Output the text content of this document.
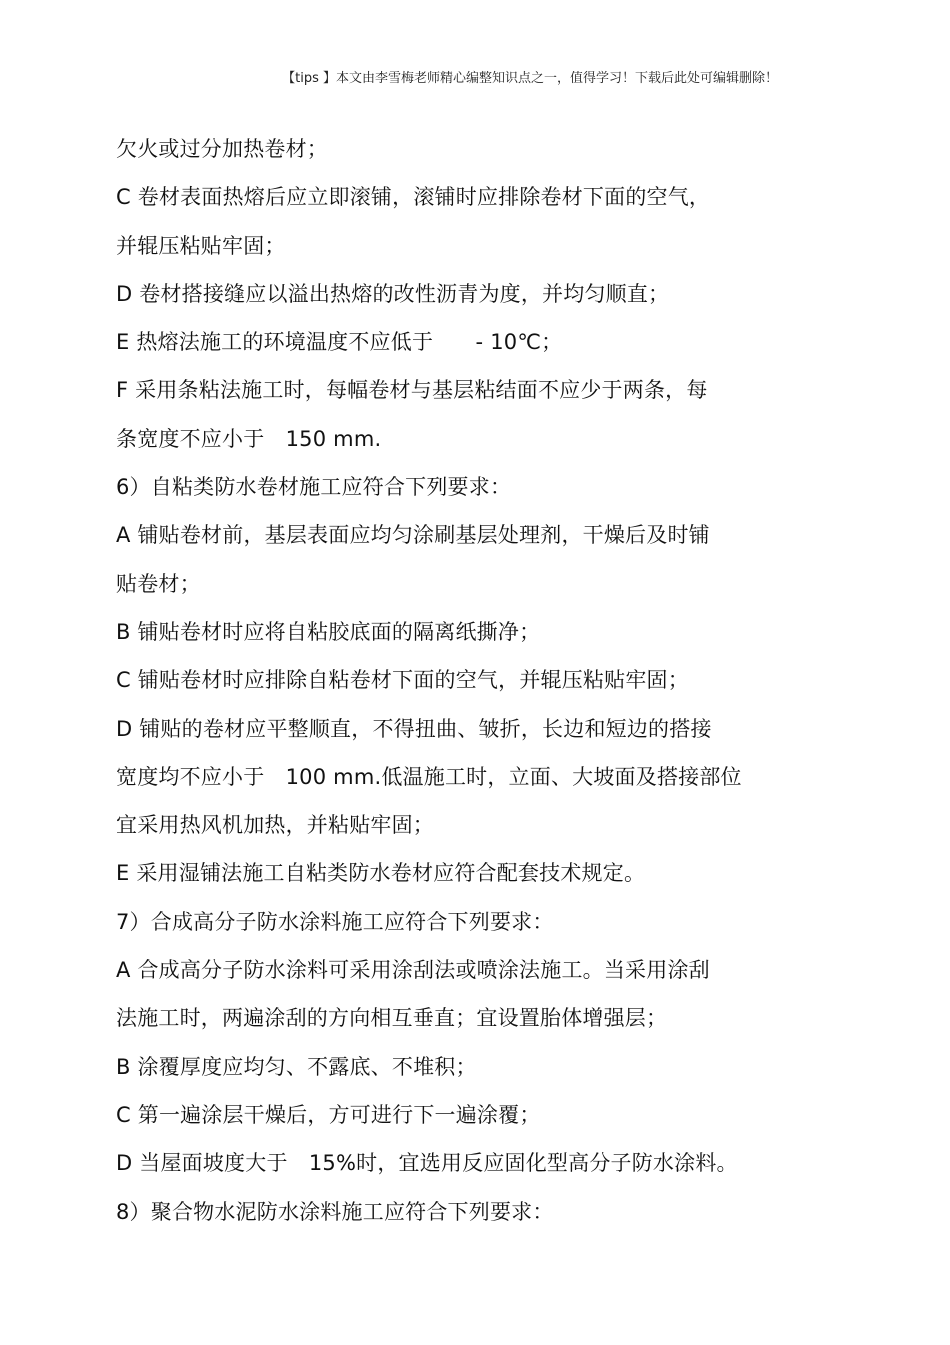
【tips 】本文由李雪梅老师精心编整知识点之一，值得学习！下载后此处可编辑删除！
欠火或过分加热卷材；
C 卷材表面热熔后应立即滚铺，滚铺时应排除卷材下面的空气，
并辊压粘贴牢固；
D 卷材搭接缝应以溢出热熔的改性沥青为度，并均匀顺直；
E 热熔法施工的环境温度不应低于　　- 10℃；
F 采用条粘法施工时，每幅卷材与基层粘结面不应少于两条，每
条宽度不应小于　150 mm.
6）自粘类防水卷材施工应符合下列要求：
A 铺贴卷材前，基层表面应均匀涂刷基层处理剂，干燥后及时铺
贴卷材；
B 铺贴卷材时应将自粘胶底面的隔离纸撕净；
C 铺贴卷材时应排除自粘卷材下面的空气，并辊压粘贴牢固；
D 铺贴的卷材应平整顺直，不得扭曲、皱折，长边和短边的搭接
宽度均不应小于　100 mm.低温施工时，立面、大坡面及搭接部位
宜采用热风机加热，并粘贴牢固；
E 采用湿铺法施工自粘类防水卷材应符合配套技术规定。
7）合成高分子防水涂料施工应符合下列要求：
A 合成高分子防水涂料可采用涂刮法或喷涂法施工。当采用涂刮
法施工时，两遍涂刮的方向相互垂直；宜设置胎体增强层；
B 涂覆厚度应均匀、不露底、不堆积；
C 第一遍涂层干燥后，方可进行下一遍涂覆；
D 当屋面坡度大于　15%时，宜选用反应固化型高分子防水涂料。
8）聚合物水泥防水涂料施工应符合下列要求：
